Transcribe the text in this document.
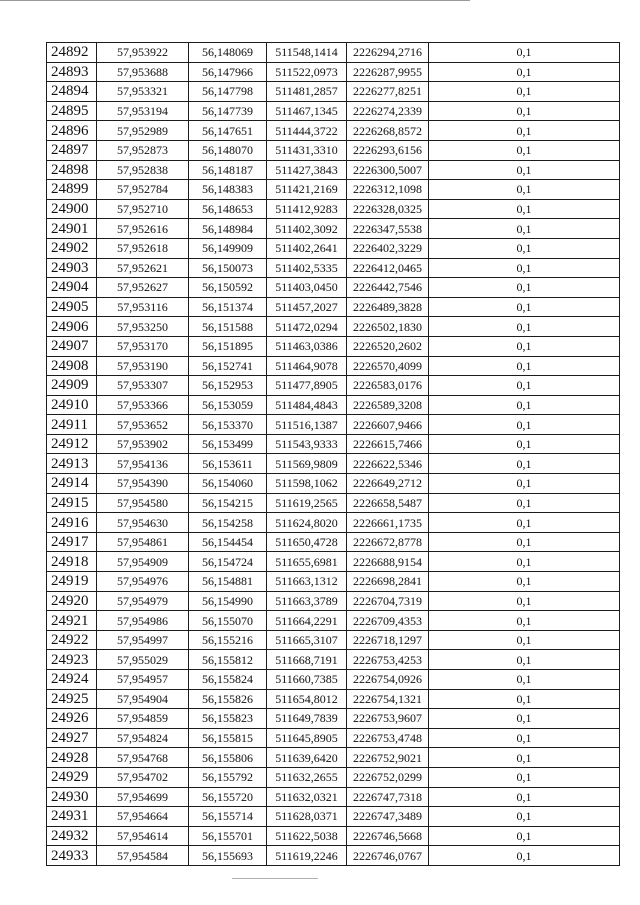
24892	57,953922	56,148069	511548,1414	2226294,2716	0,1
24893	57,953688	56,147966	511522,0973	2226287,9955	0,1
24894	57,953321	56,147798	511481,2857	2226277,8251	0,1
24895	57,953194	56,147739	511467,1345	2226274,2339	0,1
24896	57,952989	56,147651	511444,3722	2226268,8572	0,1
24897	57,952873	56,148070	511431,3310	2226293,6156	0,1
24898	57,952838	56,148187	511427,3843	2226300,5007	0,1
24899	57,952784	56,148383	511421,2169	2226312,1098	0,1
24900	57,952710	56,148653	511412,9283	2226328,0325	0,1
24901	57,952616	56,148984	511402,3092	2226347,5538	0,1
24902	57,952618	56,149909	511402,2641	2226402,3229	0,1
24903	57,952621	56,150073	511402,5335	2226412,0465	0,1
24904	57,952627	56,150592	511403,0450	2226442,7546	0,1
24905	57,953116	56,151374	511457,2027	2226489,3828	0,1
24906	57,953250	56,151588	511472,0294	2226502,1830	0,1
24907	57,953170	56,151895	511463,0386	2226520,2602	0,1
24908	57,953190	56,152741	511464,9078	2226570,4099	0,1
24909	57,953307	56,152953	511477,8905	2226583,0176	0,1
24910	57,953366	56,153059	511484,4843	2226589,3208	0,1
24911	57,953652	56,153370	511516,1387	2226607,9466	0,1
24912	57,953902	56,153499	511543,9333	2226615,7466	0,1
24913	57,954136	56,153611	511569,9809	2226622,5346	0,1
24914	57,954390	56,154060	511598,1062	2226649,2712	0,1
24915	57,954580	56,154215	511619,2565	2226658,5487	0,1
24916	57,954630	56,154258	511624,8020	2226661,1735	0,1
24917	57,954861	56,154454	511650,4728	2226672,8778	0,1
24918	57,954909	56,154724	511655,6981	2226688,9154	0,1
24919	57,954976	56,154881	511663,1312	2226698,2841	0,1
24920	57,954979	56,154990	511663,3789	2226704,7319	0,1
24921	57,954986	56,155070	511664,2291	2226709,4353	0,1
24922	57,954997	56,155216	511665,3107	2226718,1297	0,1
24923	57,955029	56,155812	511668,7191	2226753,4253	0,1
24924	57,954957	56,155824	511660,7385	2226754,0926	0,1
24925	57,954904	56,155826	511654,8012	2226754,1321	0,1
24926	57,954859	56,155823	511649,7839	2226753,9607	0,1
24927	57,954824	56,155815	511645,8905	2226753,4748	0,1
24928	57,954768	56,155806	511639,6420	2226752,9021	0,1
24929	57,954702	56,155792	511632,2655	2226752,0299	0,1
24930	57,954699	56,155720	511632,0321	2226747,7318	0,1
24931	57,954664	56,155714	511628,0371	2226747,3489	0,1
24932	57,954614	56,155701	511622,5038	2226746,5668	0,1
24933	57,954584	56,155693	511619,2246	2226746,0767	0,1
